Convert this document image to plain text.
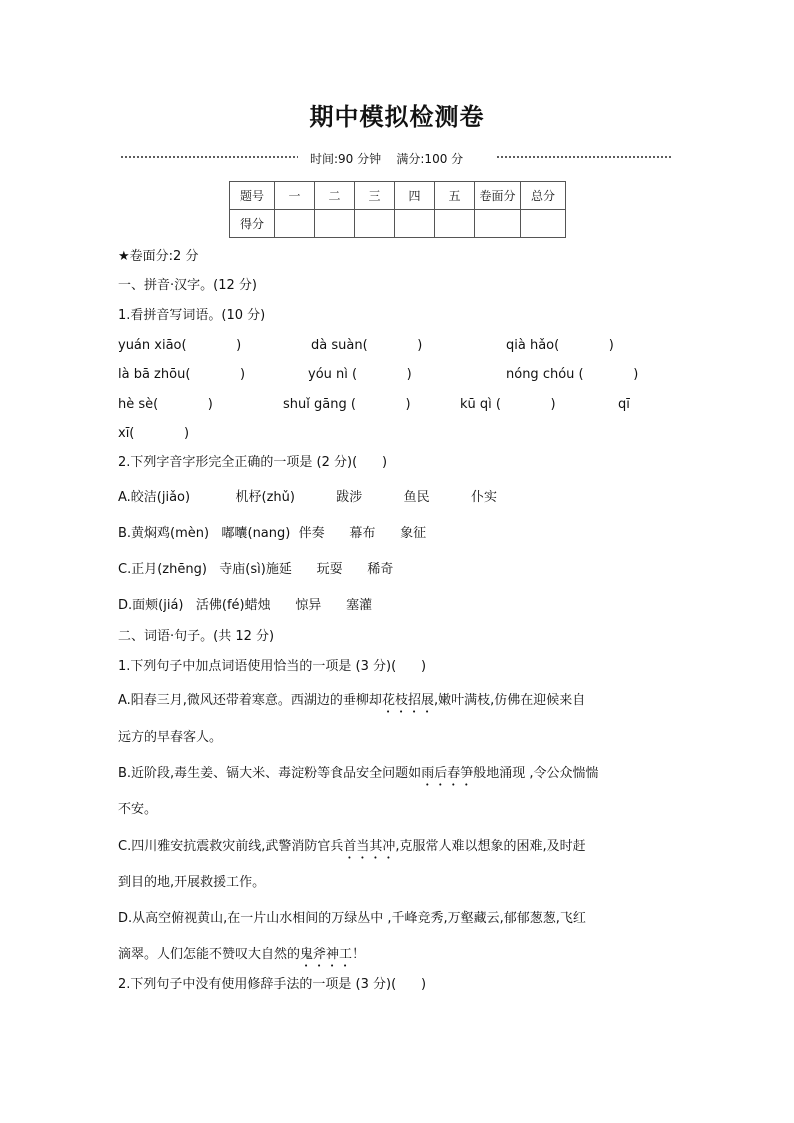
期中模拟检测卷
时间:90 分钟    满分:100 分
题号	一	二	三	四	五	卷面分	总分
得分							
★卷面分:2 分
一、拼音·汉字。(12 分)
1.看拼音写词语。(10 分)
yuán xiāo(            )	dà suàn(            )	qià hǎo(            )
là bā zhōu(            )	yóu nì (            )	nóng chóu (            )
hè sè(            )	shuǐ gāng (            )	kū qì (            )	qī
xī(            )
2.下列字音字形完全正确的一项是 (2 分)(      )
A.皎洁(jiǎo)           机杼(zhǔ)          跋涉          鱼民          仆实
B.黄焖鸡(mèn)   嘟囔(nang)  伴奏      幕布      象征
C.正月(zhēng)   寺庙(sì)施延      玩耍      稀奇
D.面颊(jiá)   活佛(fé)蜡烛      惊异      塞灌
二、词语·句子。(共 12 分)
1.下列句子中加点词语使用恰当的一项是 (3 分)(      )
A.阳春三月,微风还带着寒意。西湖边的垂柳却花枝招展,嫩叶满枝,仿佛在迎候来自
远方的早春客人。
B.近阶段,毒生姜、镉大米、毒淀粉等食品安全问题如雨后春笋般地涌现 ,令公众惴惴
不安。
C.四川雅安抗震救灾前线,武警消防官兵首当其冲,克服常人难以想象的困难,及时赶
到目的地,开展救援工作。
D.从高空俯视黄山,在一片山水相间的万绿丛中 ,千峰竞秀,万壑藏云,郁郁葱葱,飞红
滴翠。人们怎能不赞叹大自然的鬼斧神工！
2.下列句子中没有使用修辞手法的一项是 (3 分)(      )
